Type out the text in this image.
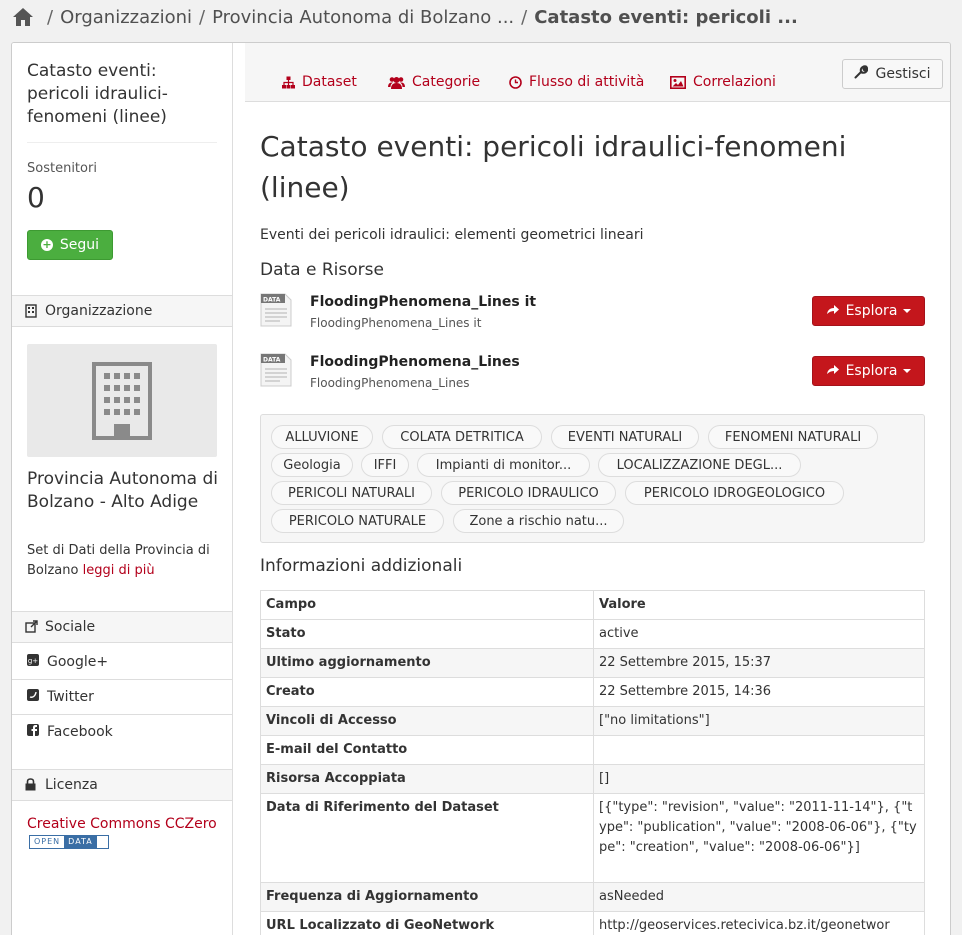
/ Organizzazioni / Provincia Autonoma di Bolzano ... / Catasto eventi: pericoli ...
Catasto eventi: pericoli idraulici-fenomeni (linee)
Sostenitori
0
+ Segui
Organizzazione
Provincia Autonoma di Bolzano - Alto Adige
Set di Dati della Provincia di Bolzano leggi di più
Sociale
g+ Google+
Twitter
Facebook
Licenza
Creative Commons CCZero OPEN DATA
Dataset	Categorie	Flusso di attività	Correlazioni	Gestisci
Catasto eventi: pericoli idraulici-fenomeni (linee)

Eventi dei pericoli idraulici: elementi geometrici lineari

Data e Risorse
DATA FloodingPhenomena_Lines it
FloodingPhenomena_Lines it
Esplora
DATA FloodingPhenomena_Lines
FloodingPhenomena_Lines
Esplora
ALLUVIONE	COLATA DETRITICA	EVENTI NATURALI	FENOMENI NATURALI
Geologia	IFFI	Impianti di monitor...	LOCALIZZAZIONE DEGL...
PERICOLI NATURALI	PERICOLO IDRAULICO	PERICOLO IDROGEOLOGICO
PERICOLO NATURALE	Zone a rischio natu...
Informazioni addizionali
Campo	Valore
Stato	active
Ultimo aggiornamento	22 Settembre 2015, 15:37
Creato	22 Settembre 2015, 14:36
Vincoli di Accesso	["no limitations"]
E-mail del Contatto	
Risorsa Accoppiata	[]
Data di Riferimento del Dataset	[{"type": "revision", "value": "2011-11-14"}, {"type": "publication", "value": "2008-06-06"}, {"type": "creation", "value": "2008-06-06"}]
Frequenza di Aggiornamento	asNeeded
URL Localizzato di GeoNetwork	http://geoservices.retecivica.bz.it/geonetwor
